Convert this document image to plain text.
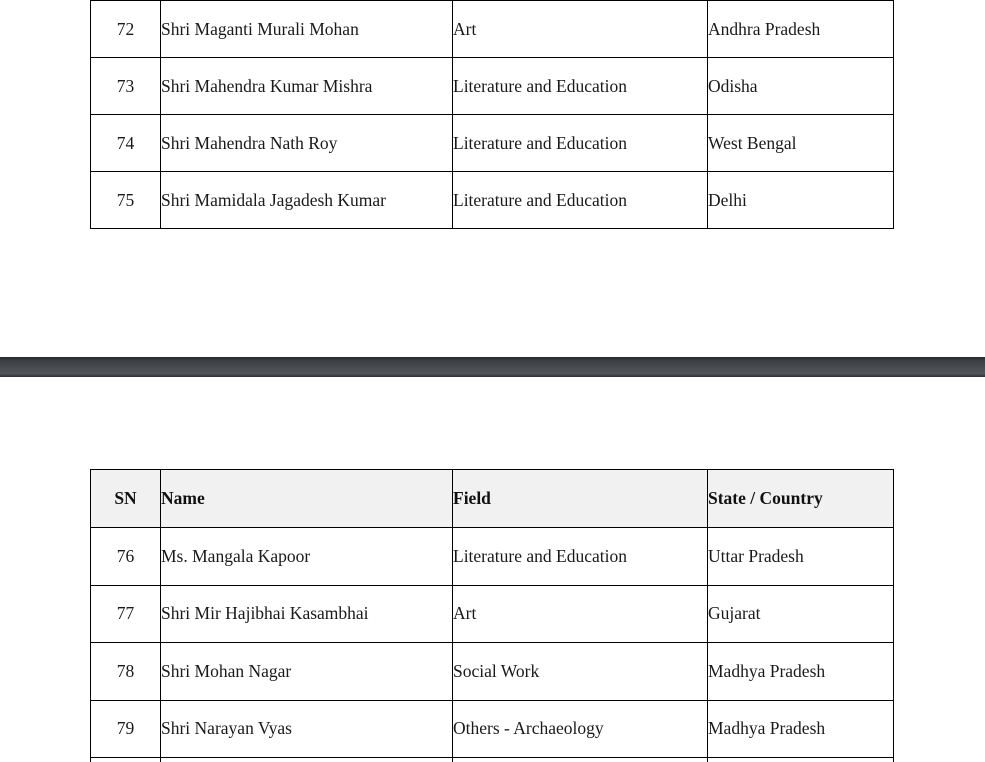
72	Shri Maganti Murali Mohan	Art	Andhra Pradesh
73	Shri Mahendra Kumar Mishra	Literature and Education	Odisha
74	Shri Mahendra Nath Roy	Literature and Education	West Bengal
75	Shri Mamidala Jagadesh Kumar	Literature and Education	Delhi
SN	Name	Field	State / Country
76	Ms. Mangala Kapoor	Literature and Education	Uttar Pradesh
77	Shri Mir Hajibhai Kasambhai	Art	Gujarat
78	Shri Mohan Nagar	Social Work	Madhya Pradesh
79	Shri Narayan Vyas	Others - Archaeology	Madhya Pradesh
